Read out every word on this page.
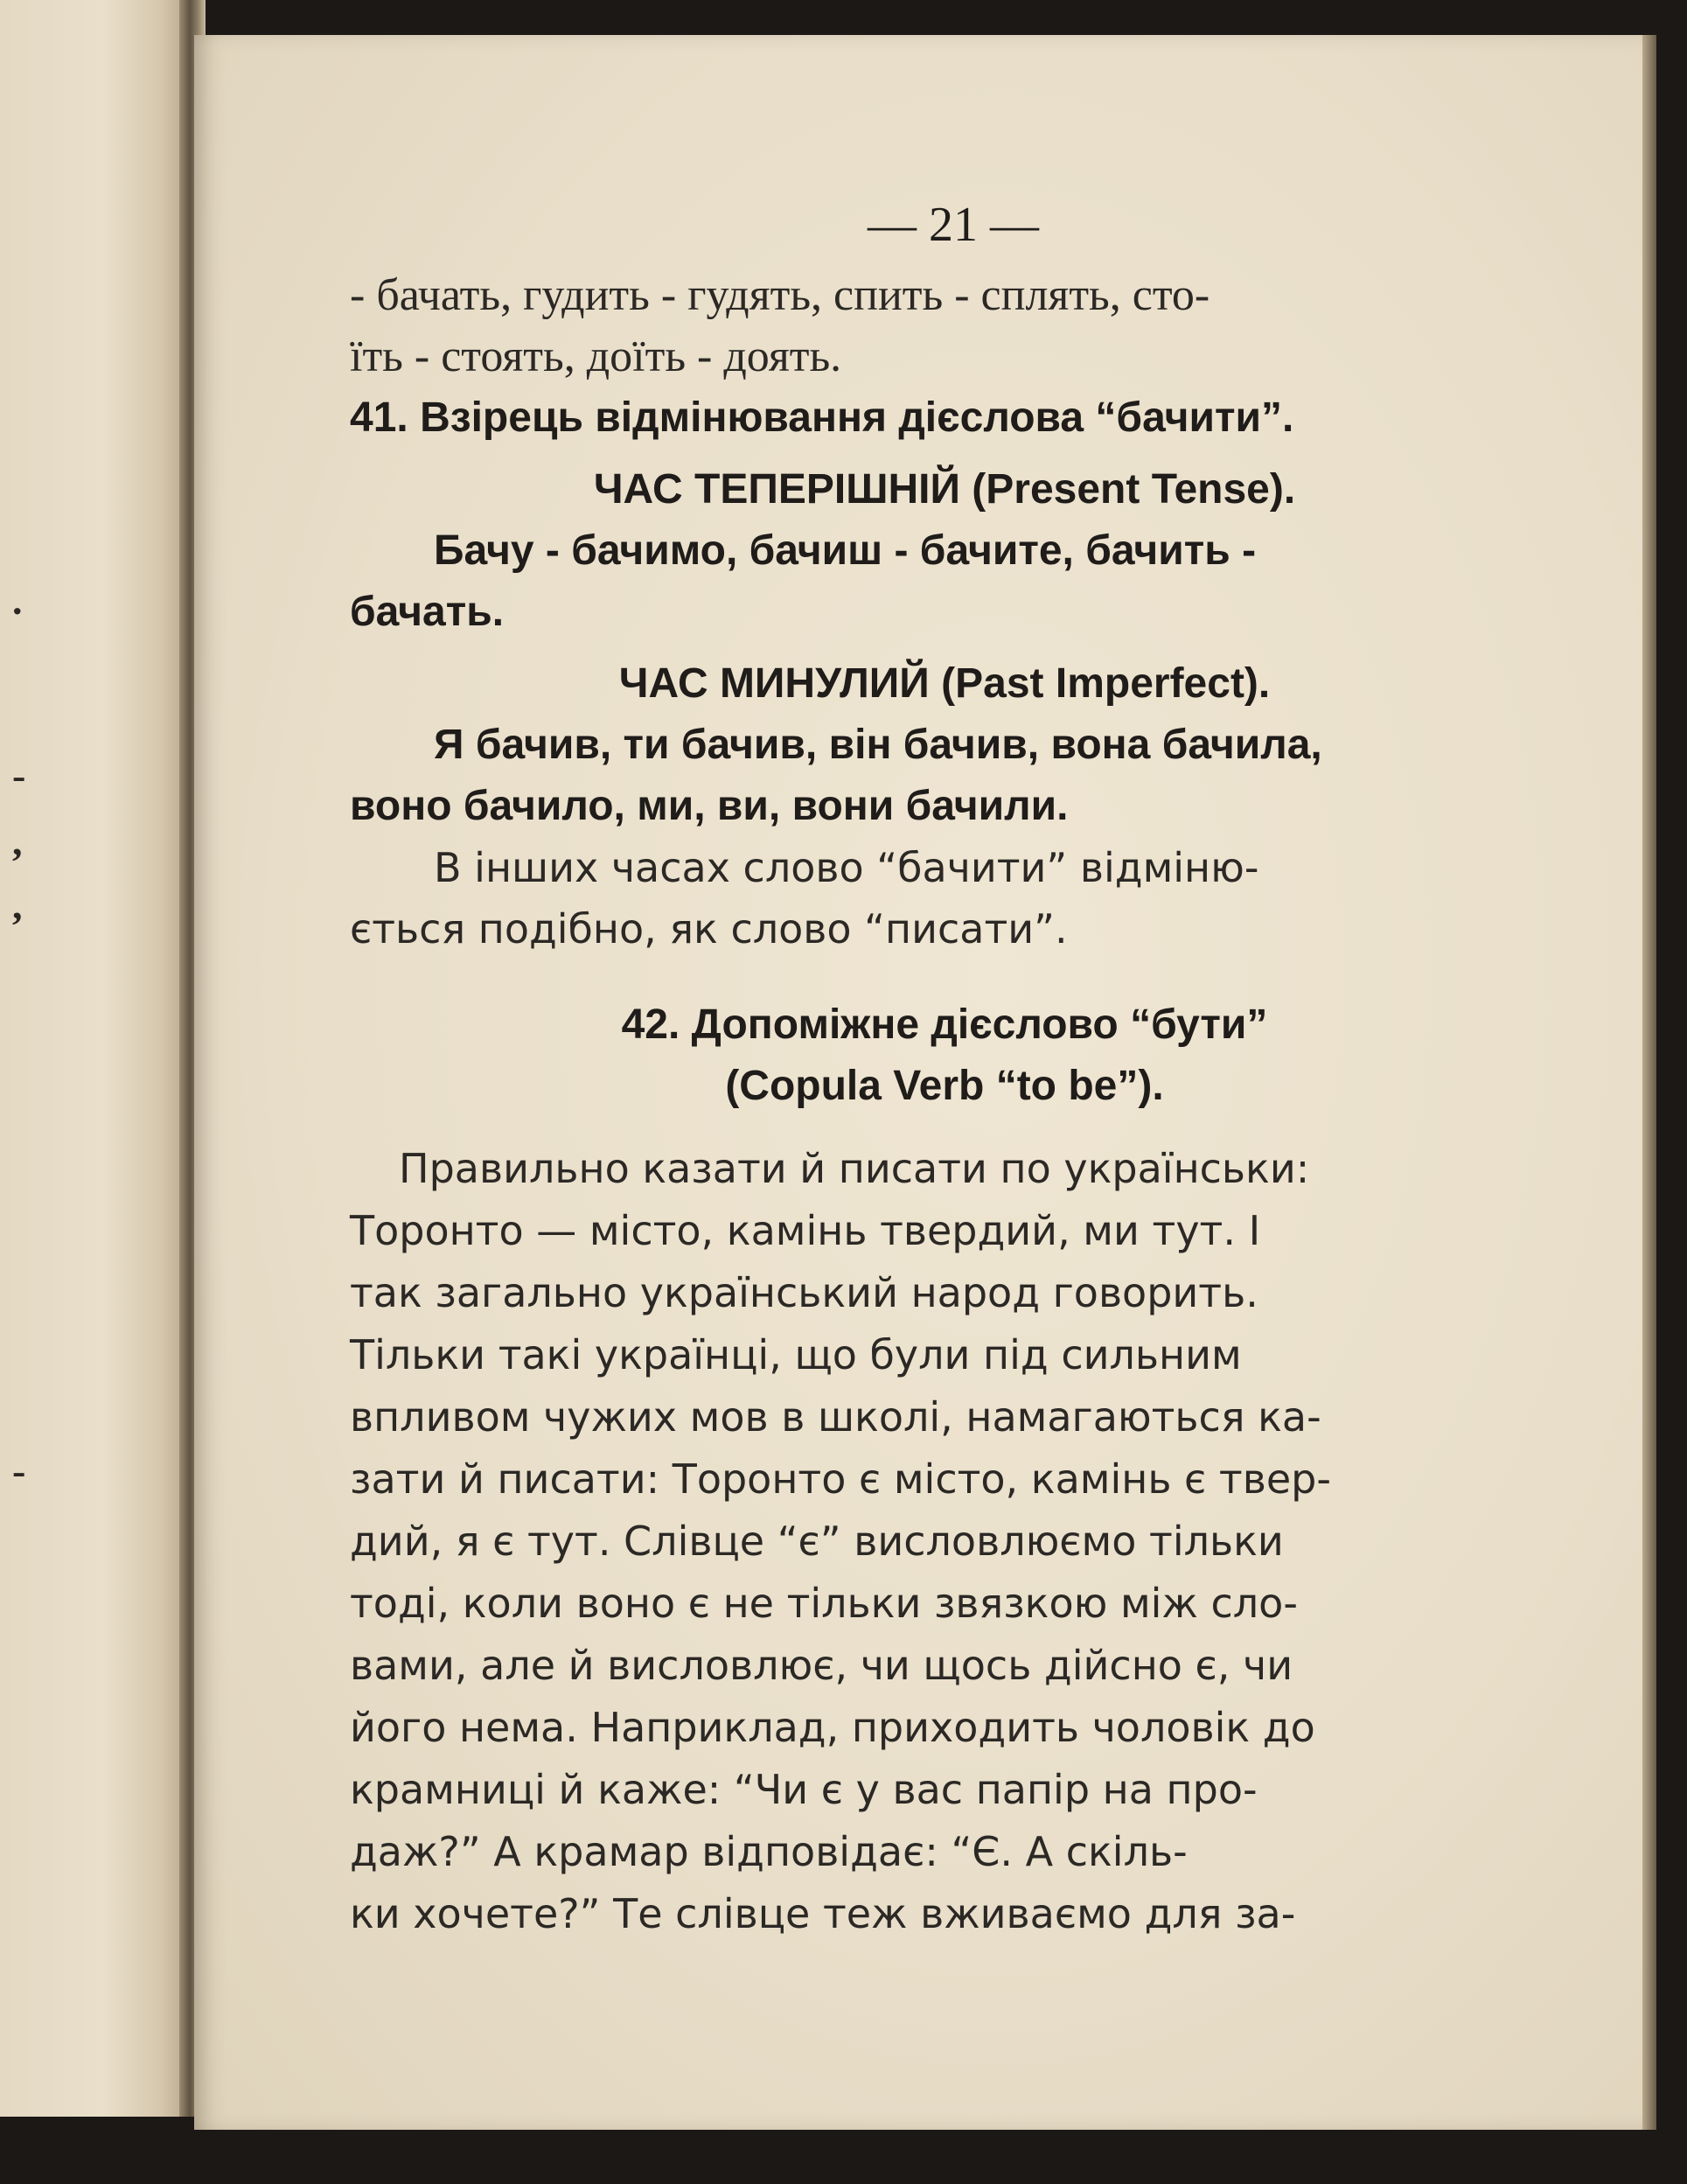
.
-
,
,
-
— 21 —
- бачать, гудить - гудять, спить - сплять, сто-
їть - стоять, доїть - доять.
41. Взірець відмінювання дієслова “бачити”.
ЧАС ТЕПЕРІШНІЙ (Present Tense).
Бачу - бачимо, бачиш - бачите, бачить -
бачать.
ЧАС МИНУЛИЙ (Past Imperfect).
Я бачив, ти бачив, він бачив, вона бачила,
воно бачило, ми, ви, вони бачили.
В інших часах слово “бачити” відміню-
ється подібно, як слово “писати”.
42. Допоміжне дієслово “бути”
(Copula Verb “to be”).
Правильно казати й писати по українськи:
Торонто — місто, камінь твердий, ми тут. І
так загально український народ говорить.
Тільки такі українці, що були під сильним
впливом чужих мов в школі, намагаються ка-
зати й писати: Торонто є місто, камінь є твер-
дий, я є тут. Слівце “є” висловлюємо тільки
тоді, коли воно є не тільки звязкою між сло-
вами, але й висловлює, чи щось дійсно є, чи
його нема. Наприклад, приходить чоловік до
крамниці й каже: “Чи є у вас папір на про-
даж?” А крамар відповідає: “Є. А скіль-
ки хочете?” Те слівце теж вживаємо для за-
